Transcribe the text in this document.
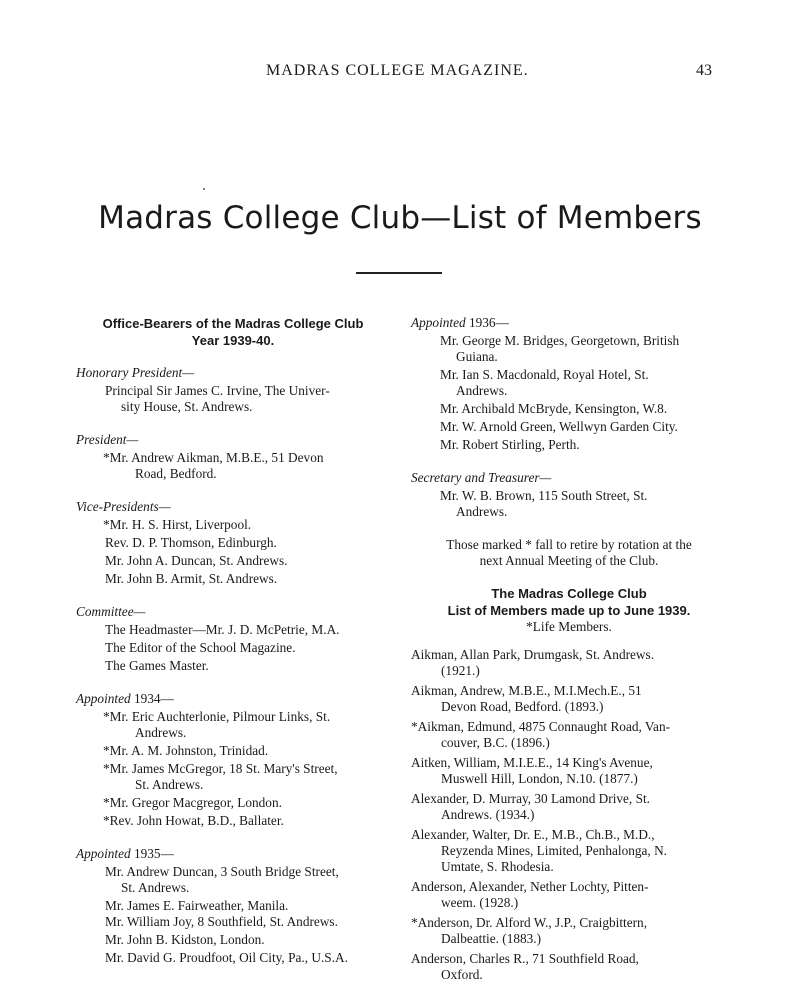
MADRAS COLLEGE MAGAZINE.	43
Madras College Club—List of Members
Office-Bearers of the Madras College Club
Year 1939-40.
Honorary President—
Principal Sir James C. Irvine, The Univer-
sity House, St. Andrews.
President—
*Mr. Andrew Aikman, M.B.E., 51 Devon
Road, Bedford.
Vice-Presidents—
*Mr. H. S. Hirst, Liverpool.
Rev. D. P. Thomson, Edinburgh.
Mr. John A. Duncan, St. Andrews.
Mr. John B. Armit, St. Andrews.
Committee—
The Headmaster—Mr. J. D. McPetrie, M.A.
The Editor of the School Magazine.
The Games Master.
Appointed 1934—
*Mr. Eric Auchterlonie, Pilmour Links, St.
Andrews.
*Mr. A. M. Johnston, Trinidad.
*Mr. James McGregor, 18 St. Mary's Street,
St. Andrews.
*Mr. Gregor Macgregor, London.
*Rev. John Howat, B.D., Ballater.
Appointed 1935—
Mr. Andrew Duncan, 3 South Bridge Street,
St. Andrews.
Mr. James E. Fairweather, Manila.
Mr. William Joy, 8 Southfield, St. Andrews.
Mr. John B. Kidston, London.
Mr. David G. Proudfoot, Oil City, Pa., U.S.A.
Appointed 1936—
Mr. George M. Bridges, Georgetown, British
Guiana.
Mr. Ian S. Macdonald, Royal Hotel, St.
Andrews.
Mr. Archibald McBryde, Kensington, W.8.
Mr. W. Arnold Green, Wellwyn Garden City.
Mr. Robert Stirling, Perth.
Secretary and Treasurer—
Mr. W. B. Brown, 115 South Street, St.
Andrews.
Those marked * fall to retire by rotation at the
next Annual Meeting of the Club.
The Madras College Club
List of Members made up to June 1939.
*Life Members.
Aikman, Allan Park, Drumgask, St. Andrews.
(1921.)
Aikman, Andrew, M.B.E., M.I.Mech.E., 51
Devon Road, Bedford. (1893.)
*Aikman, Edmund, 4875 Connaught Road, Van-
couver, B.C. (1896.)
Aitken, William, M.I.E.E., 14 King's Avenue,
Muswell Hill, London, N.10. (1877.)
Alexander, D. Murray, 30 Lamond Drive, St.
Andrews. (1934.)
Alexander, Walter, Dr. E., M.B., Ch.B., M.D.,
Reyzenda Mines, Limited, Penhalonga, N.
Umtate, S. Rhodesia.
Anderson, Alexander, Nether Lochty, Pitten-
weem. (1928.)
*Anderson, Dr. Alford W., J.P., Craigbittern,
Dalbeattie. (1883.)
Anderson, Charles R., 71 Southfield Road,
Oxford.
